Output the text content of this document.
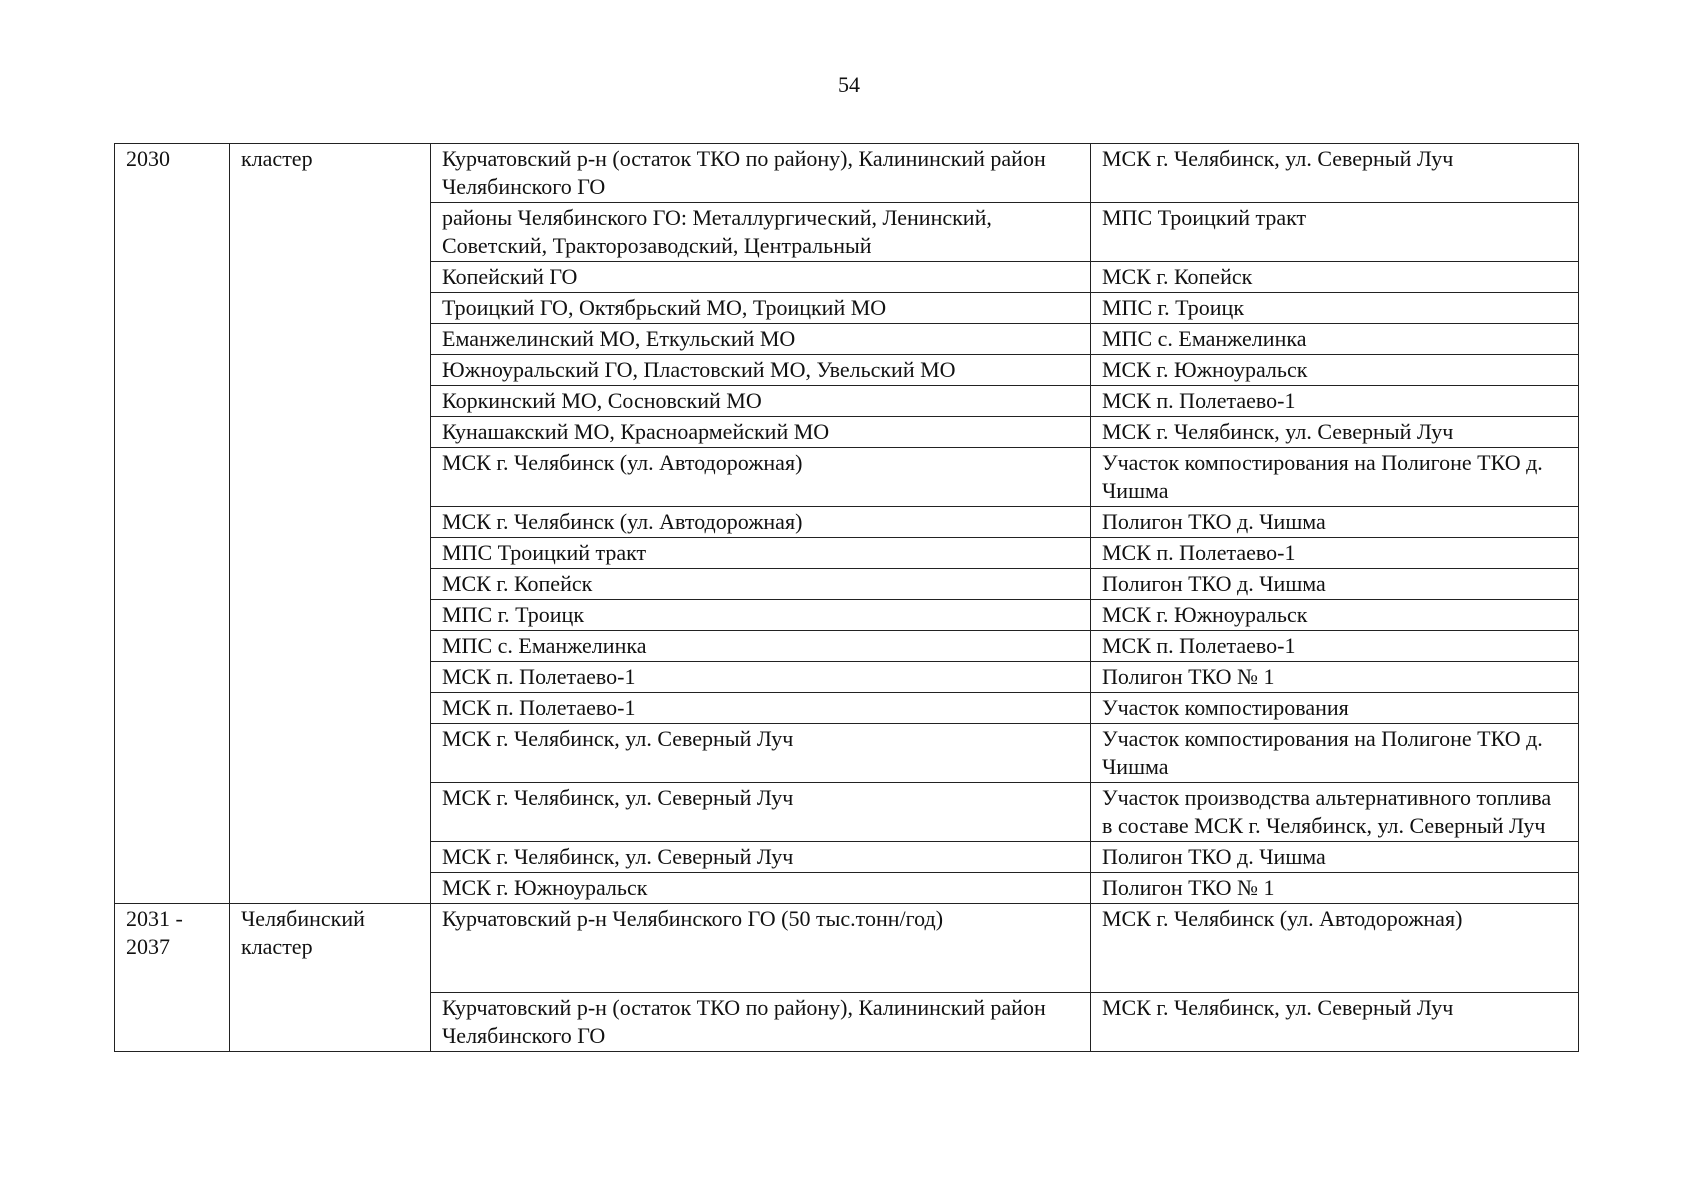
54
2030	кластер	Курчатовский р-н (остаток ТКО по району), Калининский район Челябинского ГО	МСК г. Челябинск, ул. Северный Луч
		районы Челябинского ГО: Металлургический, Ленинский, Советский, Тракторозаводский, Центральный	МПС Троицкий тракт
		Копейский ГО	МСК г. Копейск
		Троицкий ГО, Октябрьский МО, Троицкий МО	МПС г. Троицк
		Еманжелинский МО, Еткульский МО	МПС с. Еманжелинка
		Южноуральский ГО, Пластовский МО, Увельский МО	МСК г. Южноуральск
		Коркинский МО, Сосновский МО	МСК п. Полетаево-1
		Кунашакский МО, Красноармейский МО	МСК г. Челябинск, ул. Северный Луч
		МСК г. Челябинск (ул. Автодорожная)	Участок компостирования на Полигоне ТКО д. Чишма
		МСК г. Челябинск (ул. Автодорожная)	Полигон ТКО д. Чишма
		МПС Троицкий тракт	МСК п. Полетаево-1
		МСК г. Копейск	Полигон ТКО д. Чишма
		МПС г. Троицк	МСК г. Южноуральск
		МПС с. Еманжелинка	МСК п. Полетаево-1
		МСК п. Полетаево-1	Полигон ТКО № 1
		МСК п. Полетаево-1	Участок компостирования
		МСК г. Челябинск, ул. Северный Луч	Участок компостирования на Полигоне ТКО д. Чишма
		МСК г. Челябинск, ул. Северный Луч	Участок производства альтернативного топлива в составе МСК г. Челябинск, ул. Северный Луч
		МСК г. Челябинск, ул. Северный Луч	Полигон ТКО д. Чишма
		МСК г. Южноуральск	Полигон ТКО № 1
2031 - 2037	Челябинский кластер	Курчатовский р-н Челябинского ГО (50 тыс.тонн/год)	МСК г. Челябинск (ул. Автодорожная)
		Курчатовский р-н (остаток ТКО по району), Калининский район Челябинского ГО	МСК г. Челябинск, ул. Северный Луч
